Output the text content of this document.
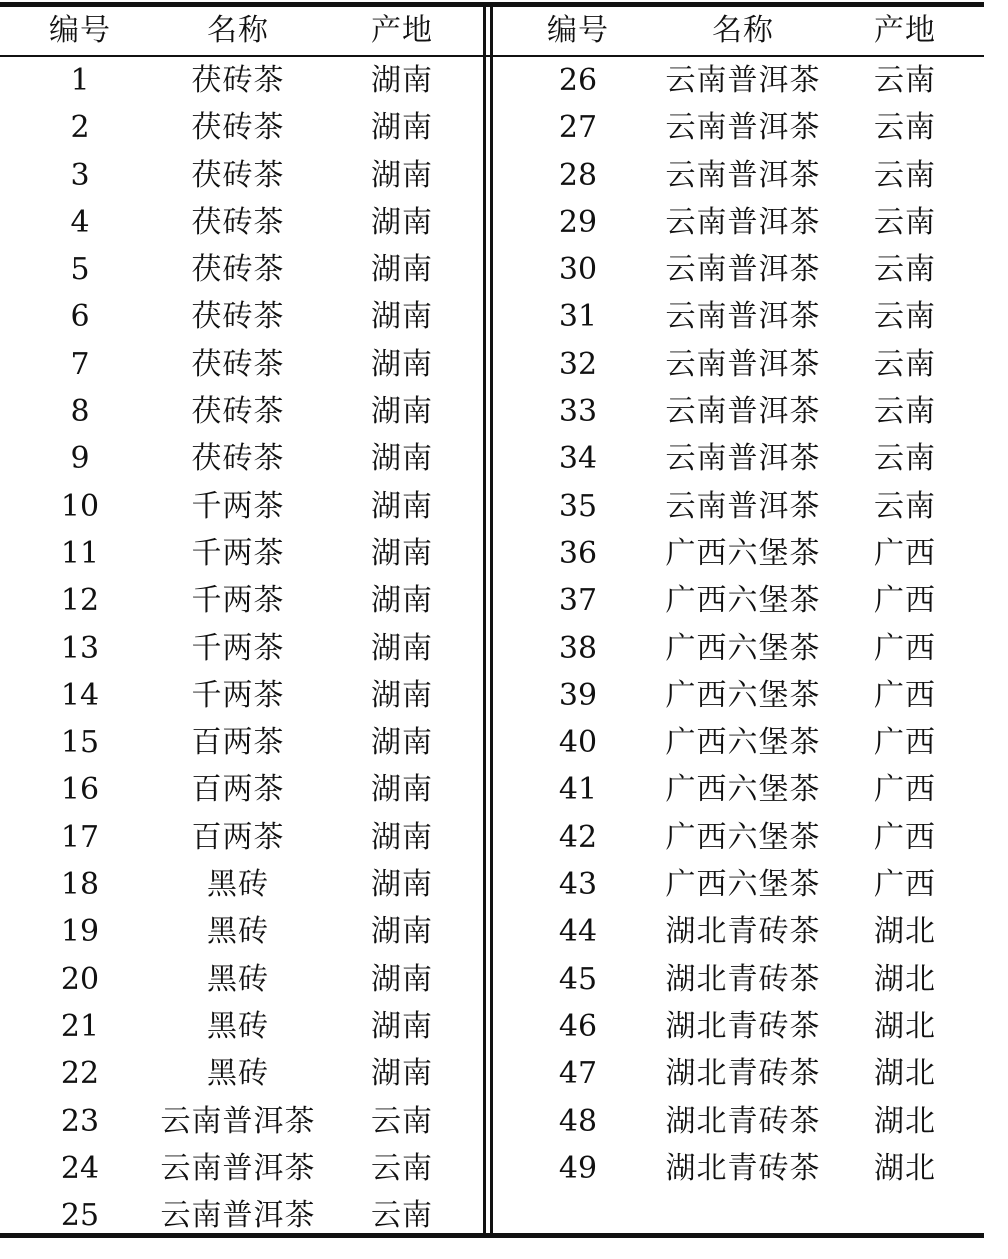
编号	名称	产地
1	茯砖茶	湖南
2	茯砖茶	湖南
3	茯砖茶	湖南
4	茯砖茶	湖南
5	茯砖茶	湖南
6	茯砖茶	湖南
7	茯砖茶	湖南
8	茯砖茶	湖南
9	茯砖茶	湖南
10	千两茶	湖南
11	千两茶	湖南
12	千两茶	湖南
13	千两茶	湖南
14	千两茶	湖南
15	百两茶	湖南
16	百两茶	湖南
17	百两茶	湖南
18	黑砖	湖南
19	黑砖	湖南
20	黑砖	湖南
21	黑砖	湖南
22	黑砖	湖南
23	云南普洱茶	云南
24	云南普洱茶	云南
25	云南普洱茶	云南
编号	名称	产地
26	云南普洱茶	云南
27	云南普洱茶	云南
28	云南普洱茶	云南
29	云南普洱茶	云南
30	云南普洱茶	云南
31	云南普洱茶	云南
32	云南普洱茶	云南
33	云南普洱茶	云南
34	云南普洱茶	云南
35	云南普洱茶	云南
36	广西六堡茶	广西
37	广西六堡茶	广西
38	广西六堡茶	广西
39	广西六堡茶	广西
40	广西六堡茶	广西
41	广西六堡茶	广西
42	广西六堡茶	广西
43	广西六堡茶	广西
44	湖北青砖茶	湖北
45	湖北青砖茶	湖北
46	湖北青砖茶	湖北
47	湖北青砖茶	湖北
48	湖北青砖茶	湖北
49	湖北青砖茶	湖北
